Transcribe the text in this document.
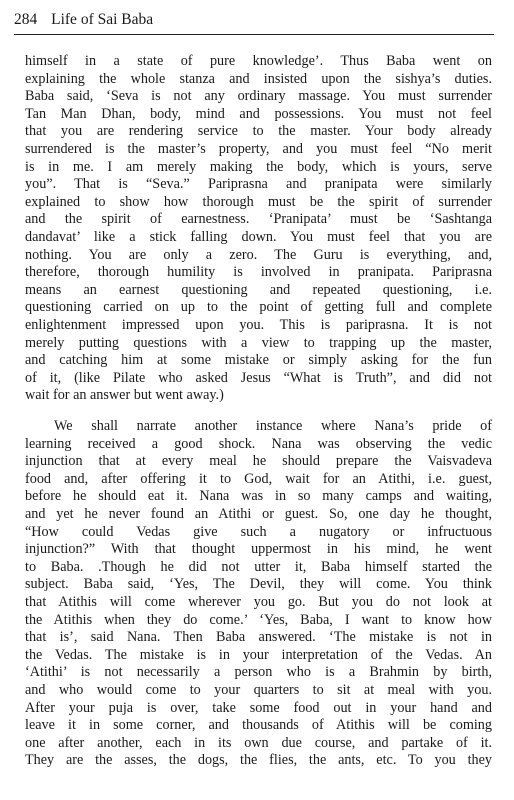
284 Life of Sai Baba
himself in a state of pure knowledge’. Thus Baba went on
explaining the whole stanza and insisted upon the sishya’s duties.
Baba said, ‘Seva is not any ordinary massage. You must surrender
Tan Man Dhan, body, mind and possessions. You must not feel
that you are rendering service to the master. Your body already
surrendered is the master’s property, and you must feel “No merit
is in me. I am merely making the body, which is yours, serve
you”. That is “Seva.” Pariprasna and pranipata were similarly
explained to show how thorough must be the spirit of surrender
and the spirit of earnestness. ‘Pranipata’ must be ‘Sashtanga
dandavat’ like a stick falling down. You must feel that you are
nothing. You are only a zero. The Guru is everything, and,
therefore, thorough humility is involved in pranipata. Pariprasna
means an earnest questioning and repeated questioning, i.e.
questioning carried on up to the point of getting full and complete
enlightenment impressed upon you. This is pariprasna. It is not
merely putting questions with a view to trapping up the master,
and catching him at some mistake or simply asking for the fun
of it, (like Pilate who asked Jesus “What is Truth”, and did not
wait for an answer but went away.)
We shall narrate another instance where Nana’s pride of
learning received a good shock. Nana was observing the vedic
injunction that at every meal he should prepare the Vaisvadeva
food and, after offering it to God, wait for an Atithi, i.e. guest,
before he should eat it. Nana was in so many camps and waiting,
and yet he never found an Atithi or guest. So, one day he thought,
“How could Vedas give such a nugatory or infructuous
injunction?” With that thought uppermost in his mind, he went
to Baba. .Though he did not utter it, Baba himself started the
subject. Baba said, ‘Yes, The Devil, they will come. You think
that Atithis will come wherever you go. But you do not look at
the Atithis when they do come.’ ‘Yes, Baba, I want to know how
that is’, said Nana. Then Baba answered. ‘The mistake is not in
the Vedas. The mistake is in your interpretation of the Vedas. An
‘Atithi’ is not necessarily a person who is a Brahmin by birth,
and who would come to your quarters to sit at meal with you.
After your puja is over, take some food out in your hand and
leave it in some corner, and thousands of Atithis will be coming
one after another, each in its own due course, and partake of it.
They are the asses, the dogs, the flies, the ants, etc. To you they
